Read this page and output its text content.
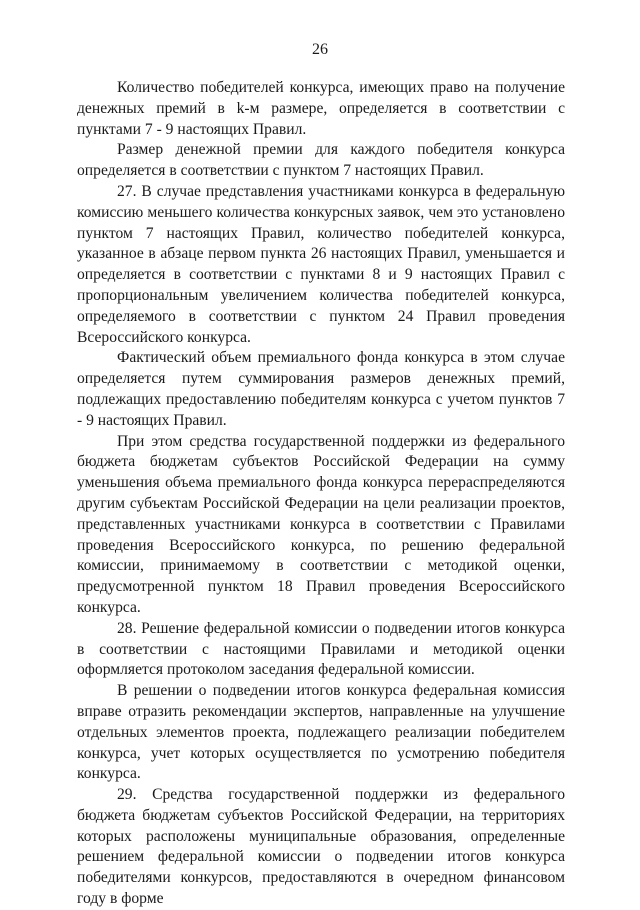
26

Количество победителей конкурса, имеющих право на получение денежных премий в k-м размере, определяется в соответствии с пунктами 7 - 9 настоящих Правил.

Размер денежной премии для каждого победителя конкурса определяется в соответствии с пунктом 7 настоящих Правил.

27. В случае представления участниками конкурса в федеральную комиссию меньшего количества конкурсных заявок, чем это установлено пунктом 7 настоящих Правил, количество победителей конкурса, указанное в абзаце первом пункта 26 настоящих Правил, уменьшается и определяется в соответствии с пунктами 8 и 9 настоящих Правил с пропорциональным увеличением количества победителей конкурса, определяемого в соответствии с пунктом 24 Правил проведения Всероссийского конкурса.

Фактический объем премиального фонда конкурса в этом случае определяется путем суммирования размеров денежных премий, подлежащих предоставлению победителям конкурса с учетом пунктов 7 - 9 настоящих Правил.

При этом средства государственной поддержки из федерального бюджета бюджетам субъектов Российской Федерации на сумму уменьшения объема премиального фонда конкурса перераспределяются другим субъектам Российской Федерации на цели реализации проектов, представленных участниками конкурса в соответствии с Правилами проведения Всероссийского конкурса, по решению федеральной комиссии, принимаемому в соответствии с методикой оценки, предусмотренной пунктом 18 Правил проведения Всероссийского конкурса.

28. Решение федеральной комиссии о подведении итогов конкурса в соответствии с настоящими Правилами и методикой оценки оформляется протоколом заседания федеральной комиссии.

В решении о подведении итогов конкурса федеральная комиссия вправе отразить рекомендации экспертов, направленные на улучшение отдельных элементов проекта, подлежащего реализации победителем конкурса, учет которых осуществляется по усмотрению победителя конкурса.

29. Средства государственной поддержки из федерального бюджета бюджетам субъектов Российской Федерации, на территориях которых расположены муниципальные образования, определенные решением федеральной комиссии о подведении итогов конкурса победителями конкурсов, предоставляются в очередном финансовом году в форме
